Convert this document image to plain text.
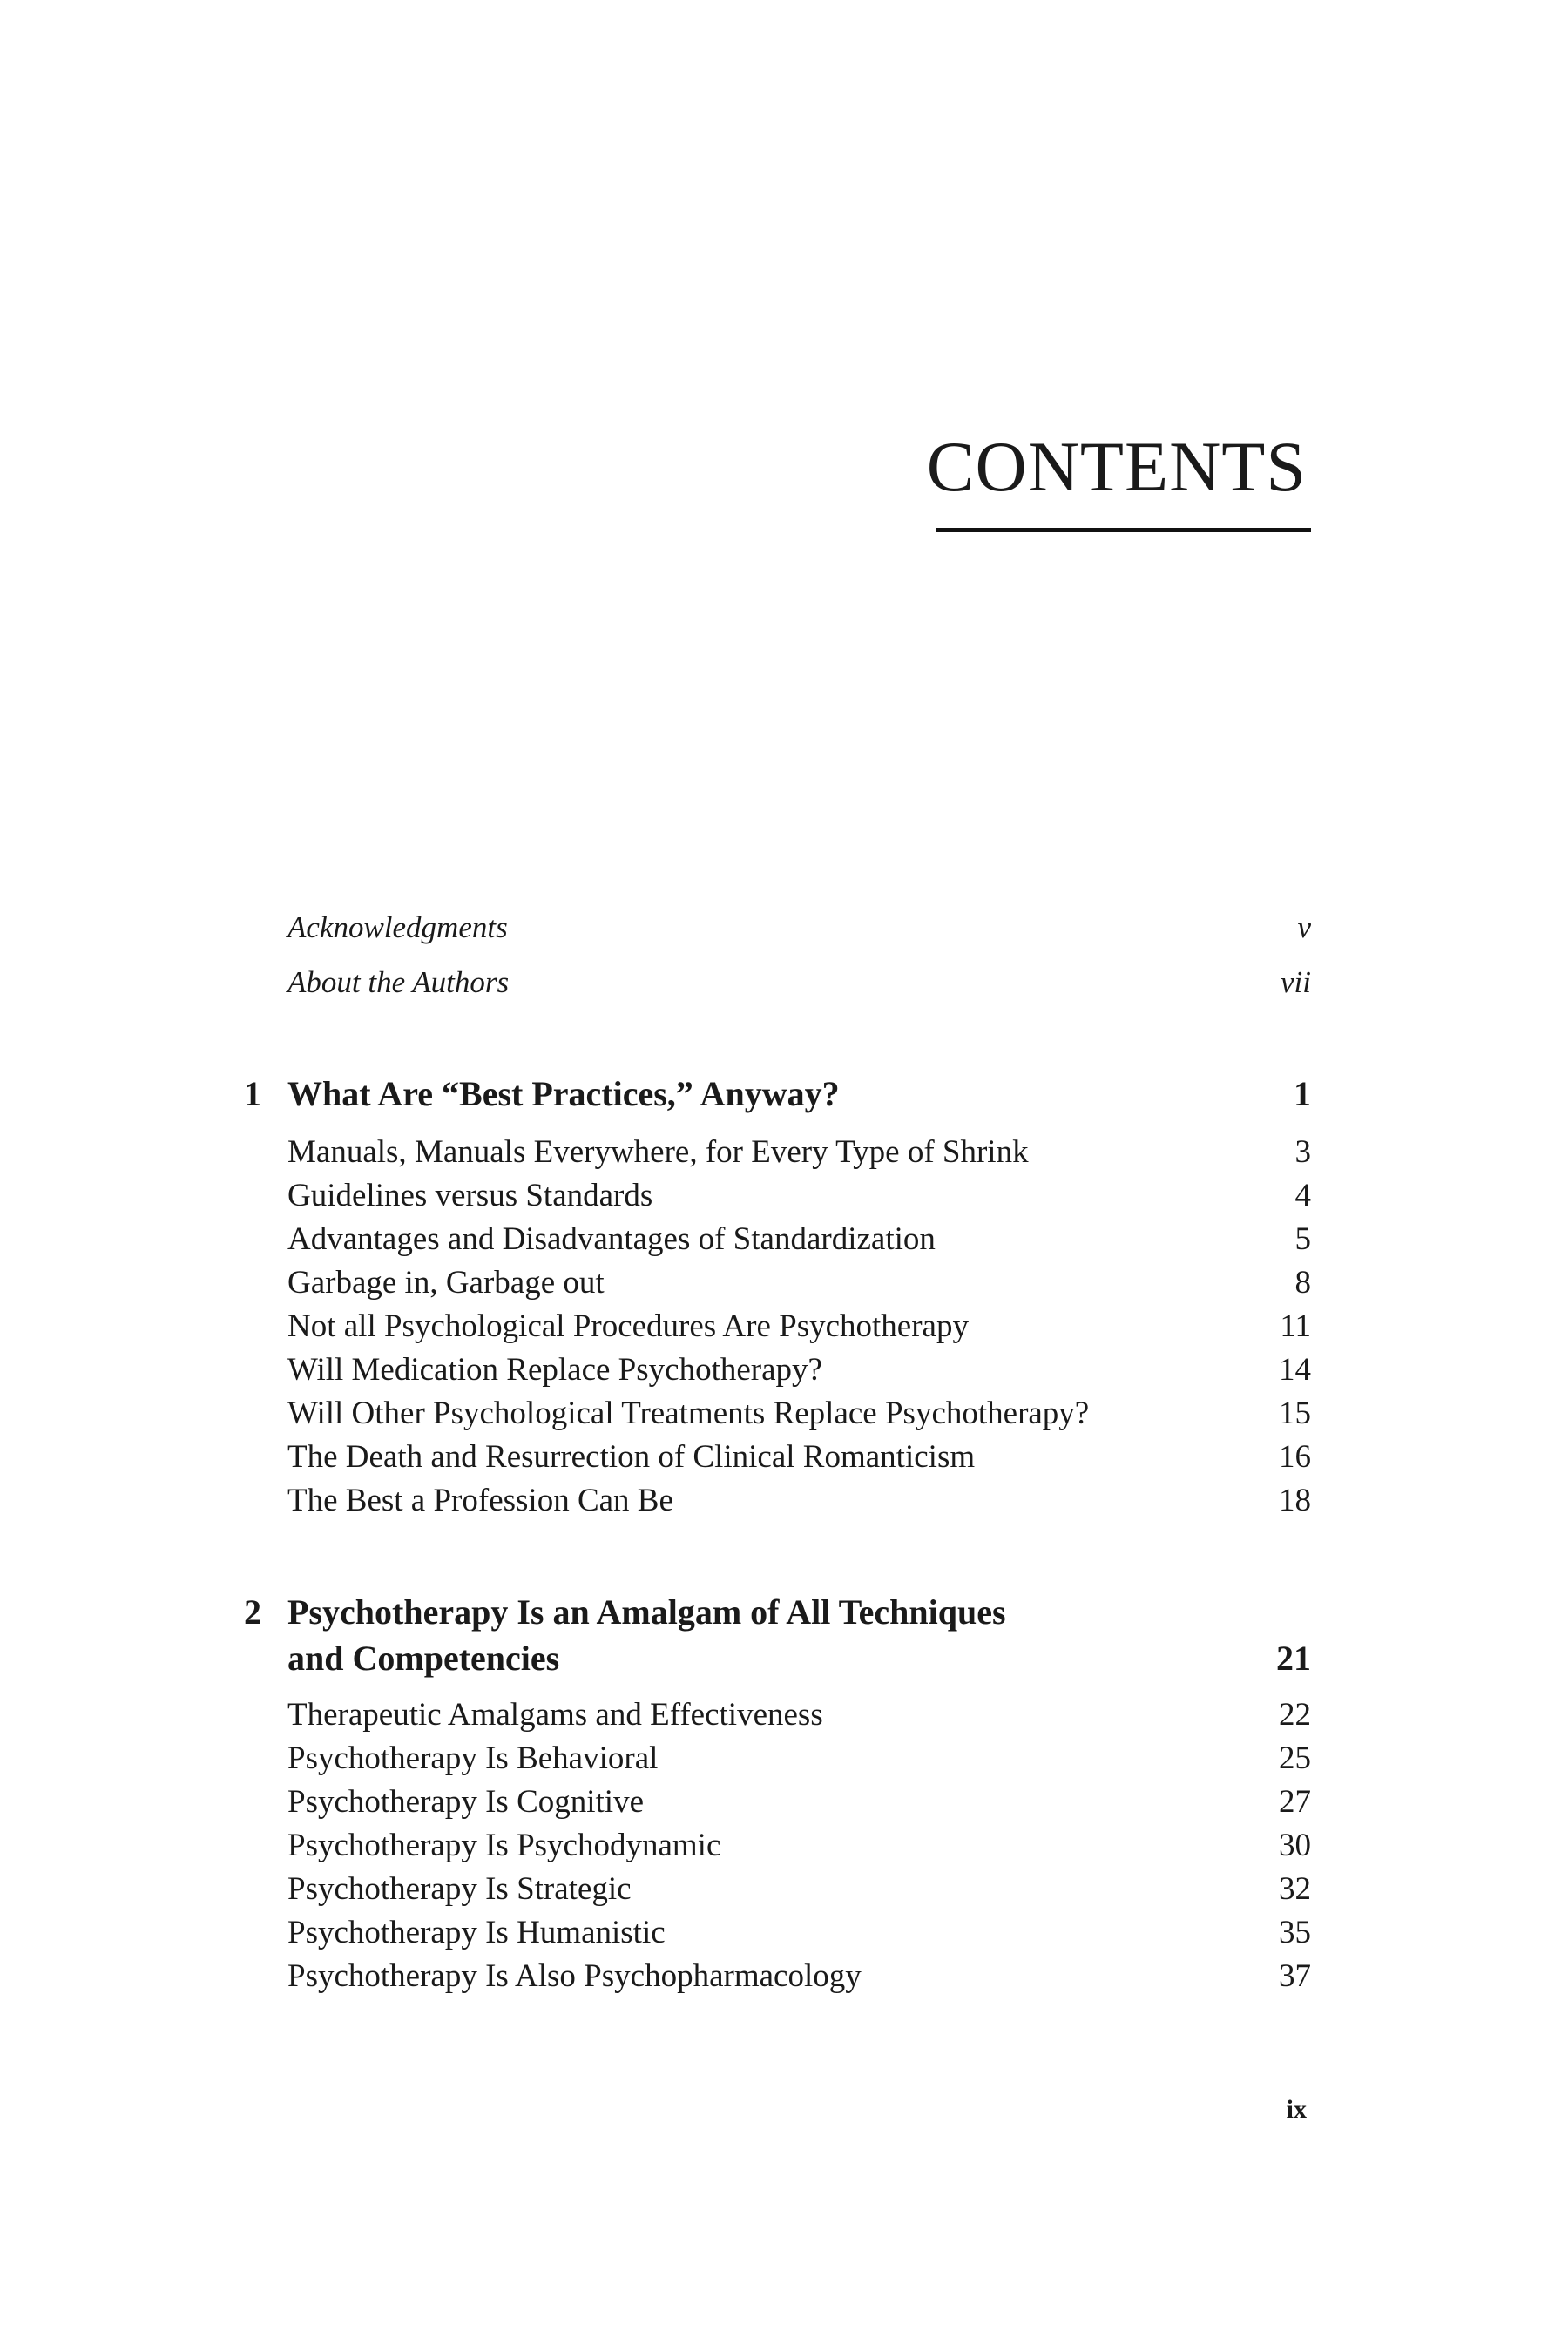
CONTENTS
Acknowledgments	v
About the Authors	vii
1 What Are “Best Practices,” Anyway?	1
Manuals, Manuals Everywhere, for Every Type of Shrink	3
Guidelines versus Standards	4
Advantages and Disadvantages of Standardization	5
Garbage in, Garbage out	8
Not all Psychological Procedures Are Psychotherapy	11
Will Medication Replace Psychotherapy?	14
Will Other Psychological Treatments Replace Psychotherapy?	15
The Death and Resurrection of Clinical Romanticism	16
The Best a Profession Can Be	18
2 Psychotherapy Is an Amalgam of All Techniques
and Competencies	21
Therapeutic Amalgams and Effectiveness	22
Psychotherapy Is Behavioral	25
Psychotherapy Is Cognitive	27
Psychotherapy Is Psychodynamic	30
Psychotherapy Is Strategic	32
Psychotherapy Is Humanistic	35
Psychotherapy Is Also Psychopharmacology	37
ix
